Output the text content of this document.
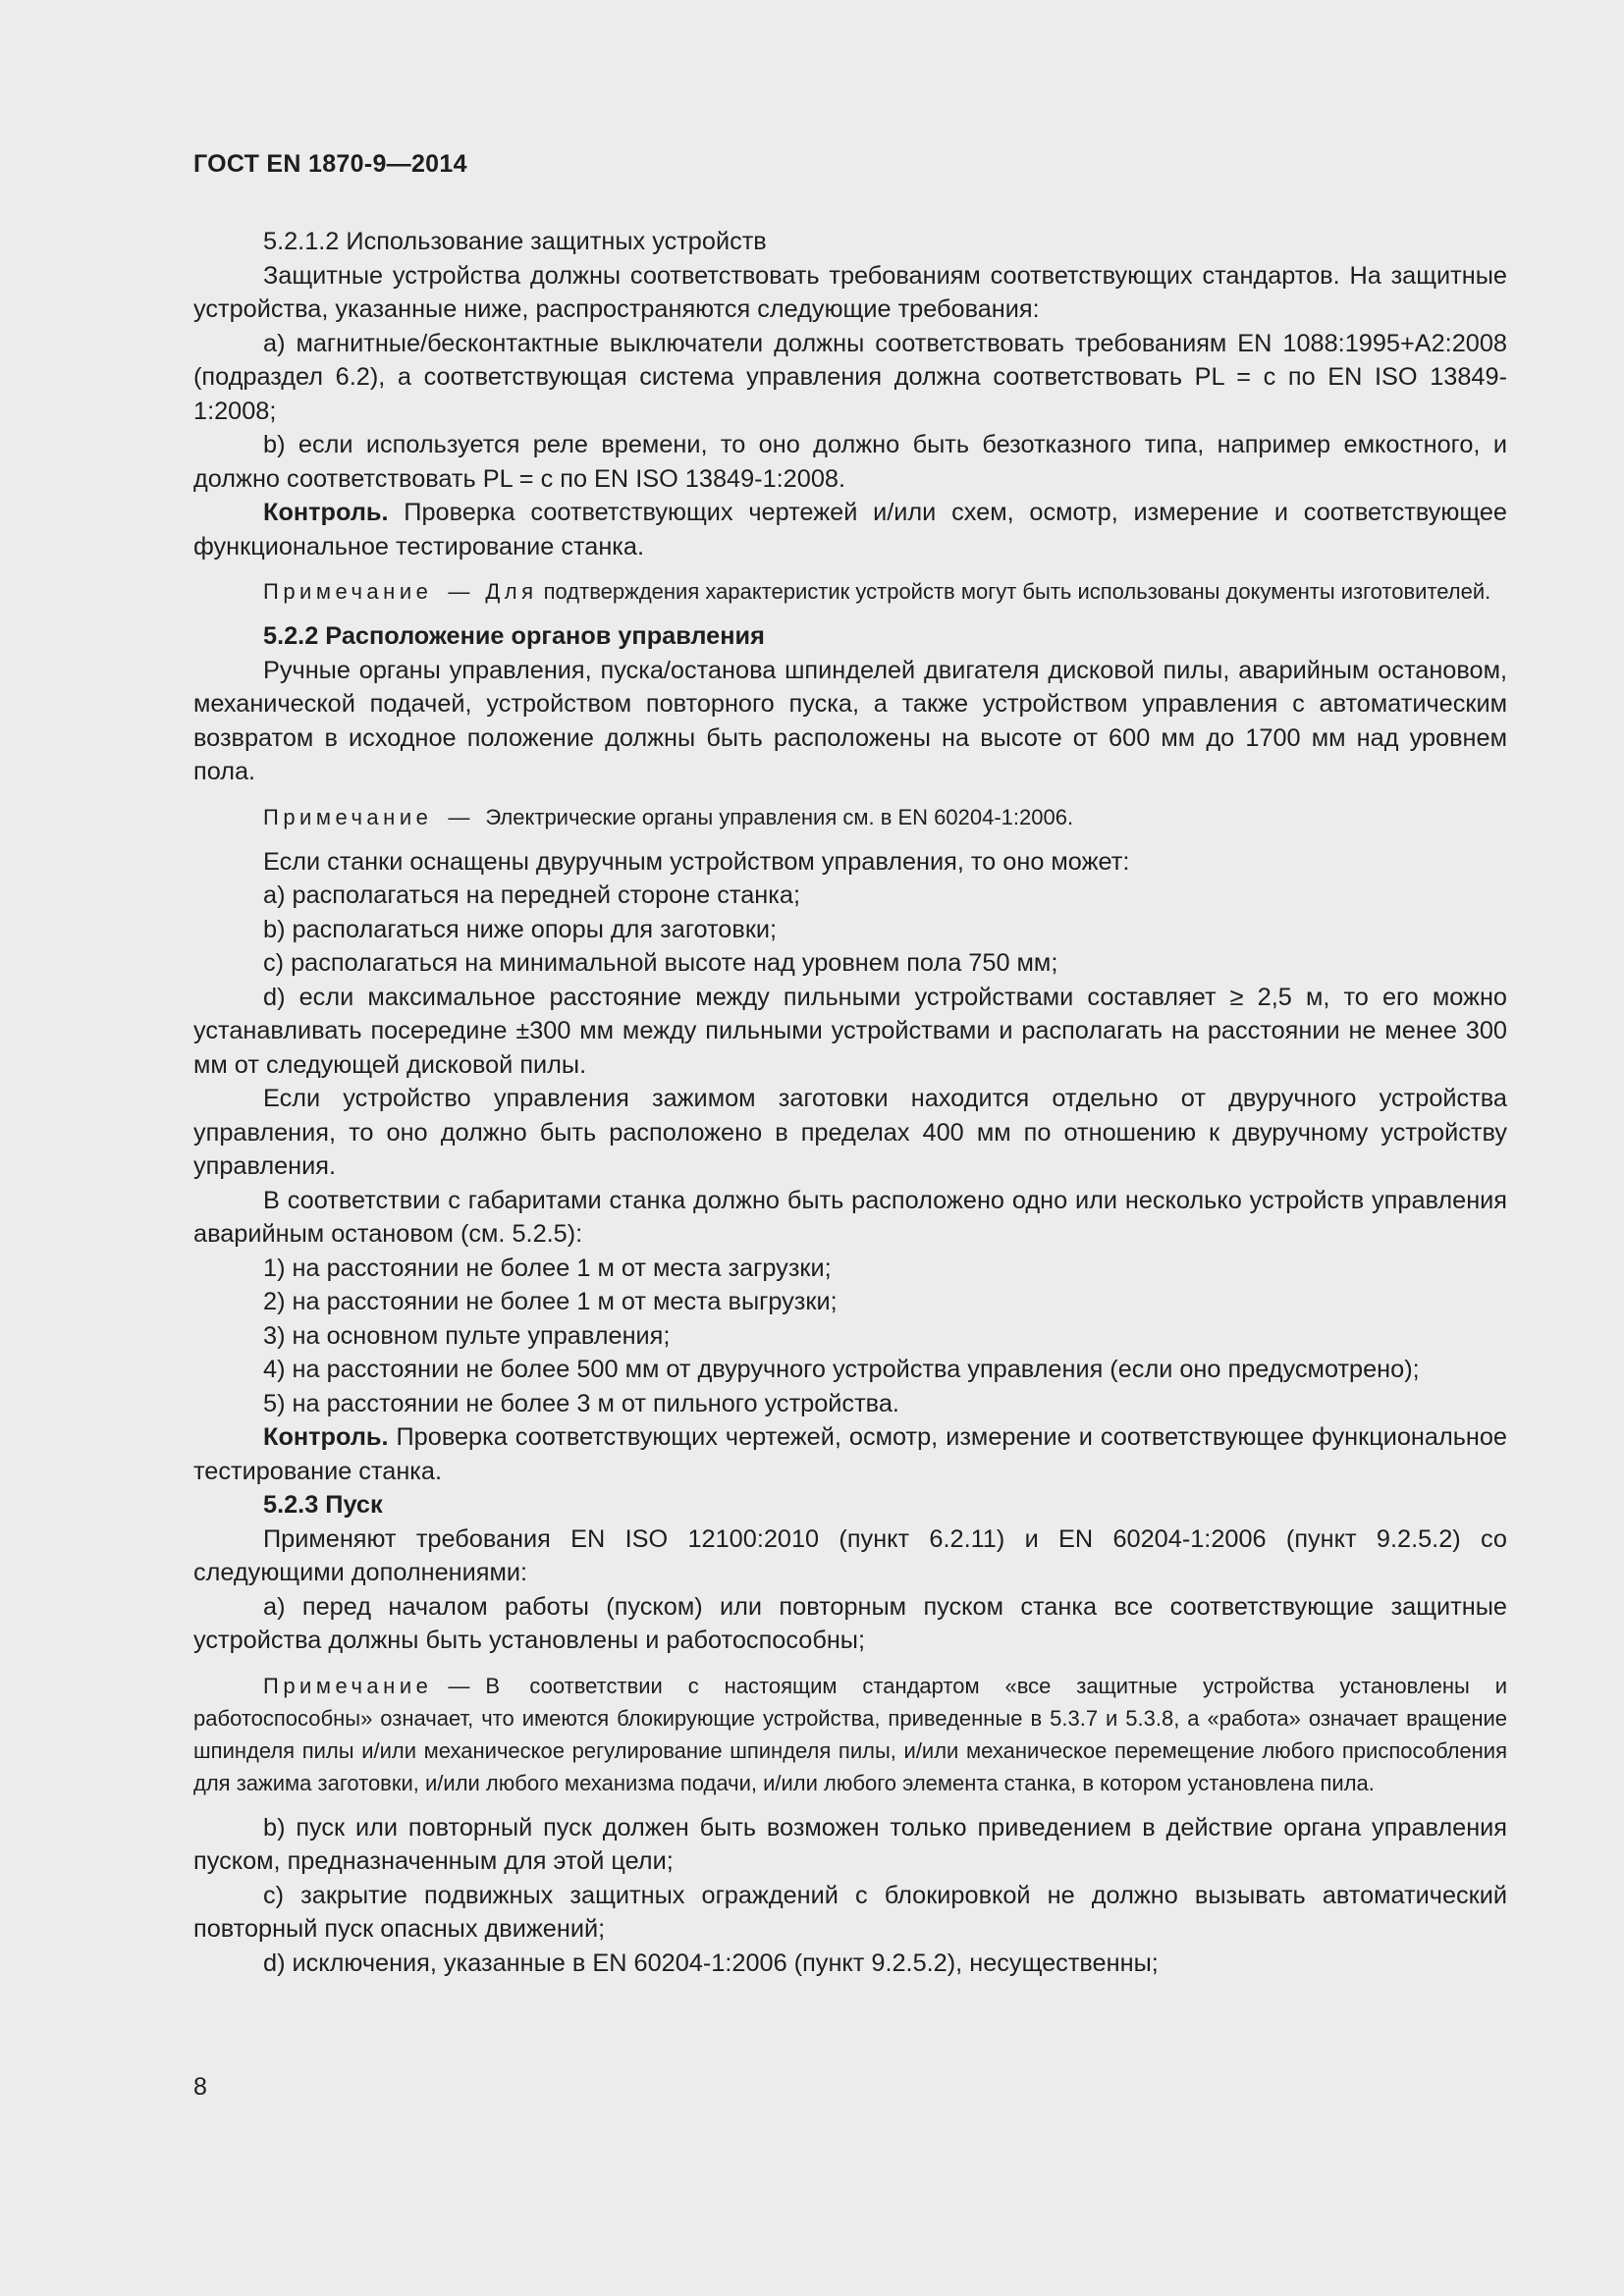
ГОСТ EN 1870-9—2014

5.2.1.2 Использование защитных устройств

Защитные устройства должны соответствовать требованиям соответствующих стандартов. На защитные устройства, указанные ниже, распространяются следующие требования:

a) магнитные/бесконтактные выключатели должны соответствовать требованиям EN 1088:1995+A2:2008 (подраздел 6.2), а соответствующая система управления должна соответствовать PL = c по EN ISO 13849-1:2008;

b) если используется реле времени, то оно должно быть безотказного типа, например емкостного, и должно соответствовать PL = c по EN ISO 13849-1:2008.

Контроль. Проверка соответствующих чертежей и/или схем, осмотр, измерение и соответствующее функциональное тестирование станка.

Примечание — Для подтверждения характеристик устройств могут быть использованы документы изготовителей.

5.2.2 Расположение органов управления

Ручные органы управления, пуска/останова шпинделей двигателя дисковой пилы, аварийным остановом, механической подачей, устройством повторного пуска, а также устройством управления с автоматическим возвратом в исходное положение должны быть расположены на высоте от 600 мм до 1700 мм над уровнем пола.

Примечание — Электрические органы управления см. в EN 60204-1:2006.

Если станки оснащены двуручным устройством управления, то оно может:

a) располагаться на передней стороне станка;

b) располагаться ниже опоры для заготовки;

c) располагаться на минимальной высоте над уровнем пола 750 мм;

d) если максимальное расстояние между пильными устройствами составляет ≥ 2,5 м, то его можно устанавливать посередине ±300 мм между пильными устройствами и располагать на расстоянии не менее 300 мм от следующей дисковой пилы.

Если устройство управления зажимом заготовки находится отдельно от двуручного устройства управления, то оно должно быть расположено в пределах 400 мм по отношению к двуручному устройству управления.

В соответствии с габаритами станка должно быть расположено одно или несколько устройств управления аварийным остановом (см. 5.2.5):

1) на расстоянии не более 1 м от места загрузки;

2) на расстоянии не более 1 м от места выгрузки;

3) на основном пульте управления;

4) на расстоянии не более 500 мм от двуручного устройства управления (если оно предусмотрено);

5) на расстоянии не более 3 м от пильного устройства.

Контроль. Проверка соответствующих чертежей, осмотр, измерение и соответствующее функциональное тестирование станка.

5.2.3 Пуск

Применяют требования EN ISO 12100:2010 (пункт 6.2.11) и EN 60204-1:2006 (пункт 9.2.5.2) со следующими дополнениями:

a) перед началом работы (пуском) или повторным пуском станка все соответствующие защитные устройства должны быть установлены и работоспособны;

Примечание — В соответствии с настоящим стандартом «все защитные устройства установлены и работоспособны» означает, что имеются блокирующие устройства, приведенные в 5.3.7 и 5.3.8, а «работа» означает вращение шпинделя пилы и/или механическое регулирование шпинделя пилы, и/или механическое перемещение любого приспособления для зажима заготовки, и/или любого механизма подачи, и/или любого элемента станка, в котором установлена пила.

b) пуск или повторный пуск должен быть возможен только приведением в действие органа управления пуском, предназначенным для этой цели;

c) закрытие подвижных защитных ограждений с блокировкой не должно вызывать автоматический повторный пуск опасных движений;

d) исключения, указанные в EN 60204-1:2006 (пункт 9.2.5.2), несущественны;

8
